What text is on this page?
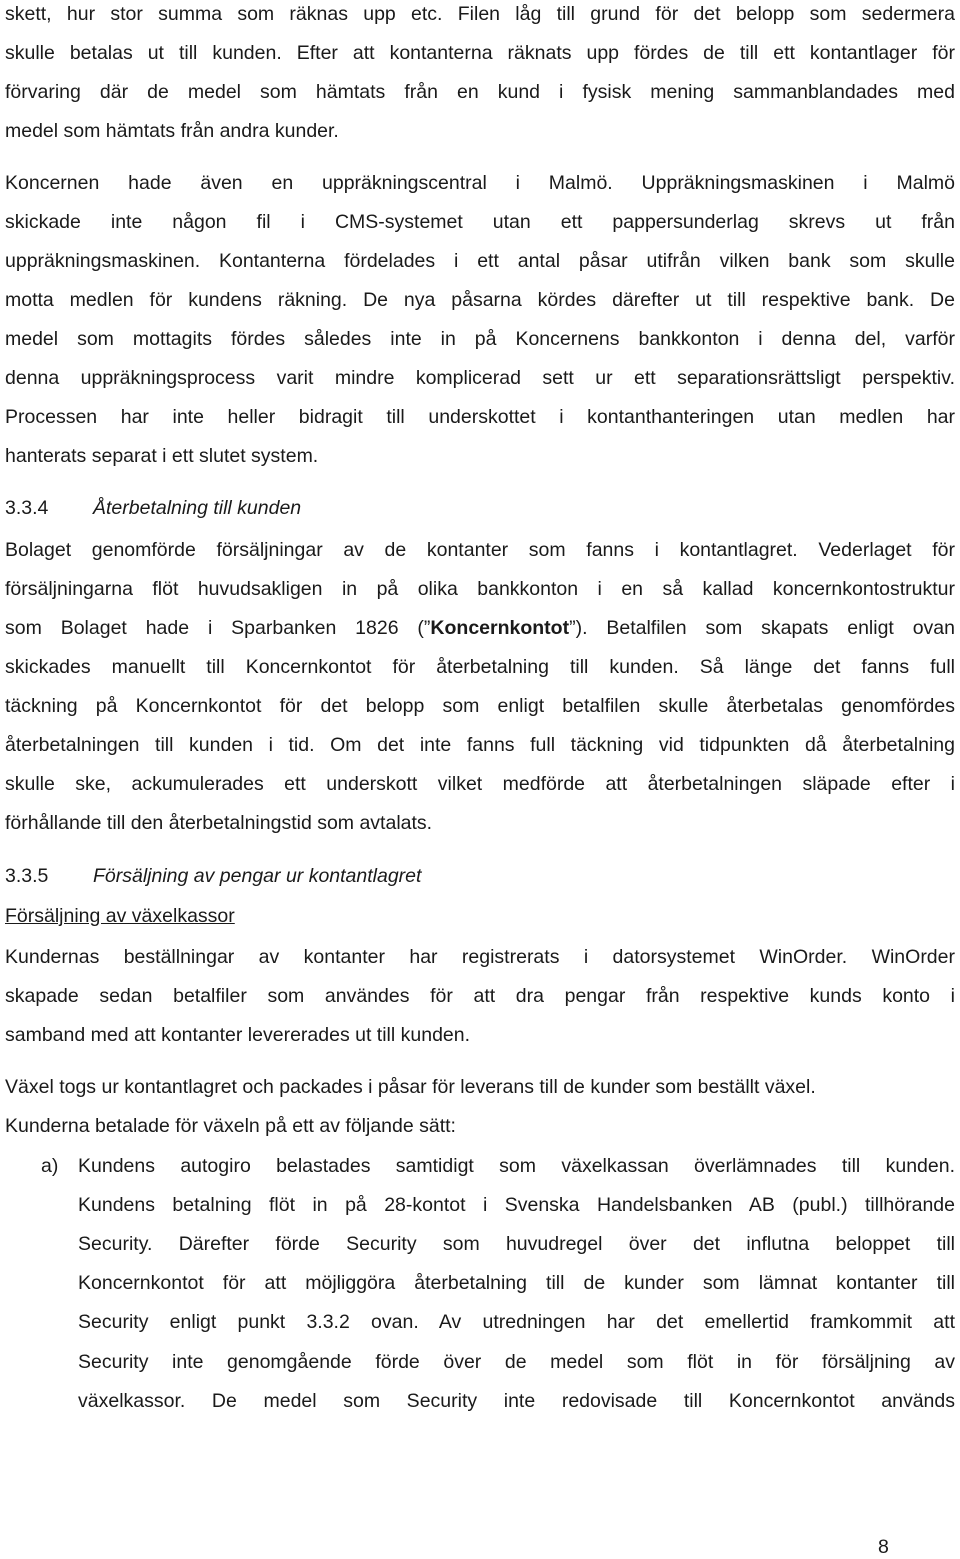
skett, hur stor summa som räknas upp etc. Filen låg till grund för det belopp som sedermera
skulle betalas ut till kunden. Efter att kontanterna räknats upp fördes de till ett kontantlager för
förvaring där de medel som hämtats från en kund i fysisk mening sammanblandades med
medel som hämtats från andra kunder.
Koncernen hade även en uppräkningscentral i Malmö. Uppräkningsmaskinen i Malmö
skickade inte någon fil i CMS-systemet utan ett pappersunderlag skrevs ut från
uppräkningsmaskinen. Kontanterna fördelades i ett antal påsar utifrån vilken bank som skulle
motta medlen för kundens räkning. De nya påsarna kördes därefter ut till respektive bank. De
medel som mottagits fördes således inte in på Koncernens bankkonton i denna del, varför
denna uppräkningsprocess varit mindre komplicerad sett ur ett separationsrättsligt perspektiv.
Processen har inte heller bidragit till underskottet i kontanthanteringen utan medlen har
hanterats separat i ett slutet system.
3.3.4 Återbetalning till kunden
Bolaget genomförde försäljningar av de kontanter som fanns i kontantlagret. Vederlaget för
försäljningarna flöt huvudsakligen in på olika bankkonton i en så kallad koncernkontostruktur
som Bolaget hade i Sparbanken 1826 (”Koncernkontot”). Betalfilen som skapats enligt ovan
skickades manuellt till Koncernkontot för återbetalning till kunden. Så länge det fanns full
täckning på Koncernkontot för det belopp som enligt betalfilen skulle återbetalas genomfördes
återbetalningen till kunden i tid. Om det inte fanns full täckning vid tidpunkten då återbetalning
skulle ske, ackumulerades ett underskott vilket medförde att återbetalningen släpade efter i
förhållande till den återbetalningstid som avtalats.
3.3.5 Försäljning av pengar ur kontantlagret
Försäljning av växelkassor
Kundernas beställningar av kontanter har registrerats i datorsystemet WinOrder. WinOrder
skapade sedan betalfiler som användes för att dra pengar från respektive kunds konto i
samband med att kontanter levererades ut till kunden.
Växel togs ur kontantlagret och packades i påsar för leverans till de kunder som beställt växel.
Kunderna betalade för växeln på ett av följande sätt:
a) Kundens autogiro belastades samtidigt som växelkassan överlämnades till kunden.
Kundens betalning flöt in på 28-kontot i Svenska Handelsbanken AB (publ.) tillhörande
Security. Därefter förde Security som huvudregel över det influtna beloppet till
Koncernkontot för att möjliggöra återbetalning till de kunder som lämnat kontanter till
Security enligt punkt 3.3.2 ovan. Av utredningen har det emellertid framkommit att
Security inte genomgående förde över de medel som flöt in för försäljning av
växelkassor. De medel som Security inte redovisade till Koncernkontot används
8
